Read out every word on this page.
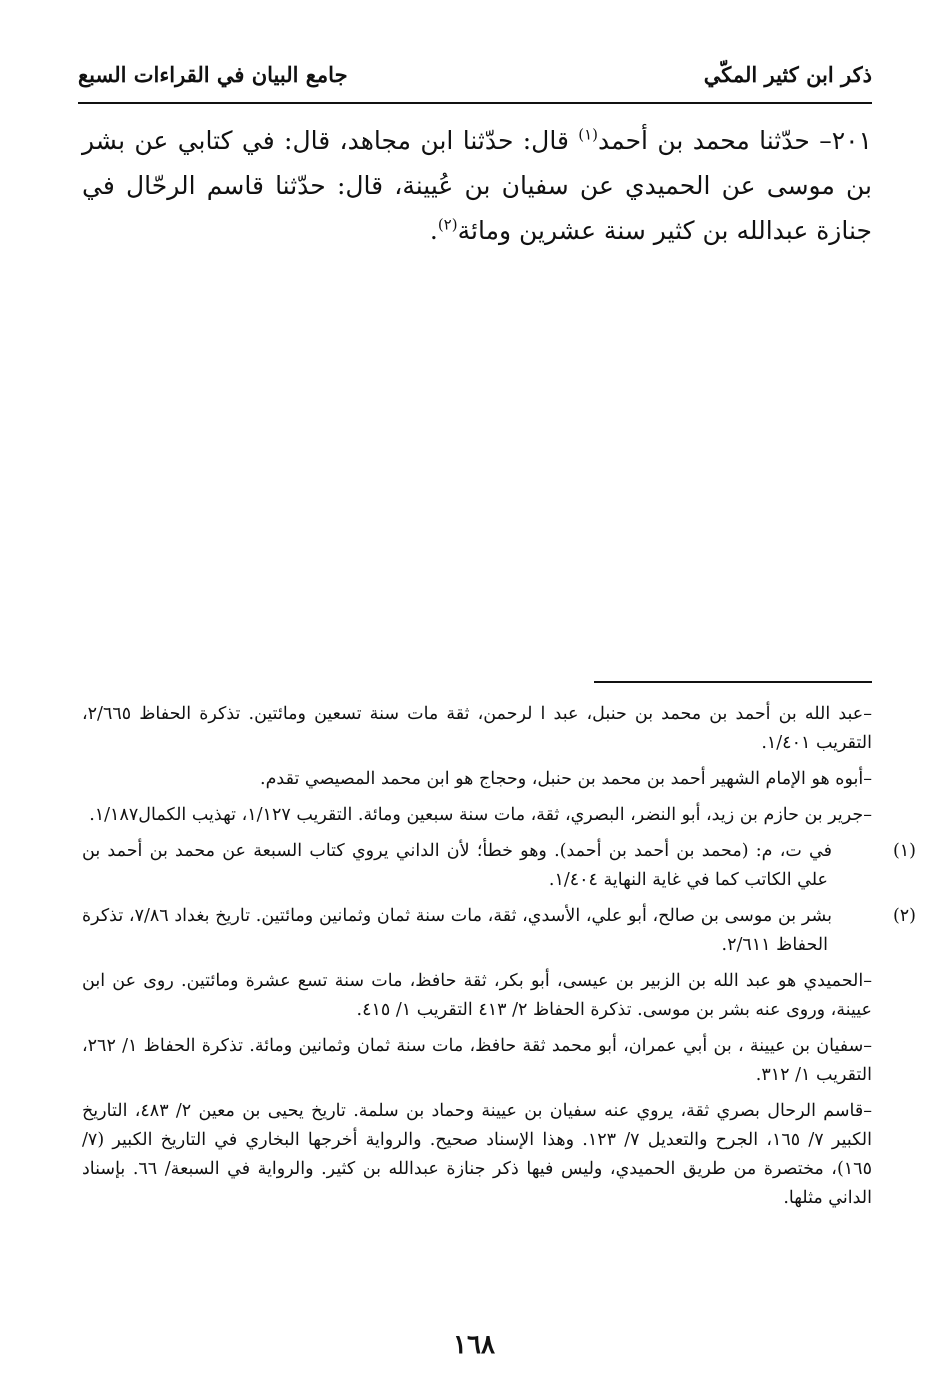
ذكر ابن كثير المكّي
جامع البيان في القراءات السبع
٢٠١– حدّثنا محمد بن أحمد$^{(١)}$ قال: حدّثنا ابن مجاهد، قال: في كتابي عن بشر بن موسى عن الحميدي عن سفيان بن عُيينة، قال: حدّثنا قاسم الرحّال في جنازة عبدالله بن كثير سنة عشرين ومائة$^{(٢)}$.

–عبد الله بن أحمد بن محمد بن حنبل، عبد ا لرحمن، ثقة مات سنة تسعين ومائتين. تذكرة الحفاظ ٢/٦٦٥، التقريب ١/٤٠١.

–أبوه هو الإمام الشهير أحمد بن محمد بن حنبل، وحجاج هو ابن محمد المصيصي تقدم.

–جرير بن حازم بن زيد، أبو النضر، البصري، ثقة، مات سنة سبعين ومائة. التقريب ١/١٢٧، تهذيب الكمال١/١٨٧.

(١)في ت، م: (محمد بن أحمد بن أحمد). وهو خطأ؛ لأن الداني يروي كتاب السبعة عن محمد بن أحمد بن علي الكاتب كما في غاية النهاية ١/٤٠٤.

(٢)بشر بن موسى بن صالح، أبو علي، الأسدي، ثقة، مات سنة ثمان وثمانين ومائتين. تاريخ بغداد ٧/٨٦، تذكرة الحفاظ ٢/٦١١.

–الحميدي هو عبد الله بن الزبير بن عيسى، أبو بكر، ثقة حافظ، مات سنة تسع عشرة ومائتين. روى عن ابن عيينة، وروى عنه بشر بن موسى. تذكرة الحفاظ ٢/ ٤١٣ التقريب ١/ ٤١٥.

–سفيان بن عيينة ، بن أبي عمران، أبو محمد ثقة حافظ، مات سنة ثمان وثمانين ومائة. تذكرة الحفاظ ١/ ٢٦٢، التقريب ١/ ٣١٢.

–قاسم الرحال بصري ثقة، يروي عنه سفيان بن عيينة وحماد بن سلمة. تاريخ يحيى بن معين ٢/ ٤٨٣، التاريخ الكبير ٧/ ١٦٥، الجرح والتعديل ٧/ ١٢٣. وهذا الإسناد صحيح. والرواية أخرجها البخاري في التاريخ الكبير (٧/ ١٦٥)، مختصرة من طريق الحميدي، وليس فيها ذكر جنازة عبدالله بن كثير. والرواية في السبعة/ ٦٦. بإسناد الداني مثلها.

١٦٨
